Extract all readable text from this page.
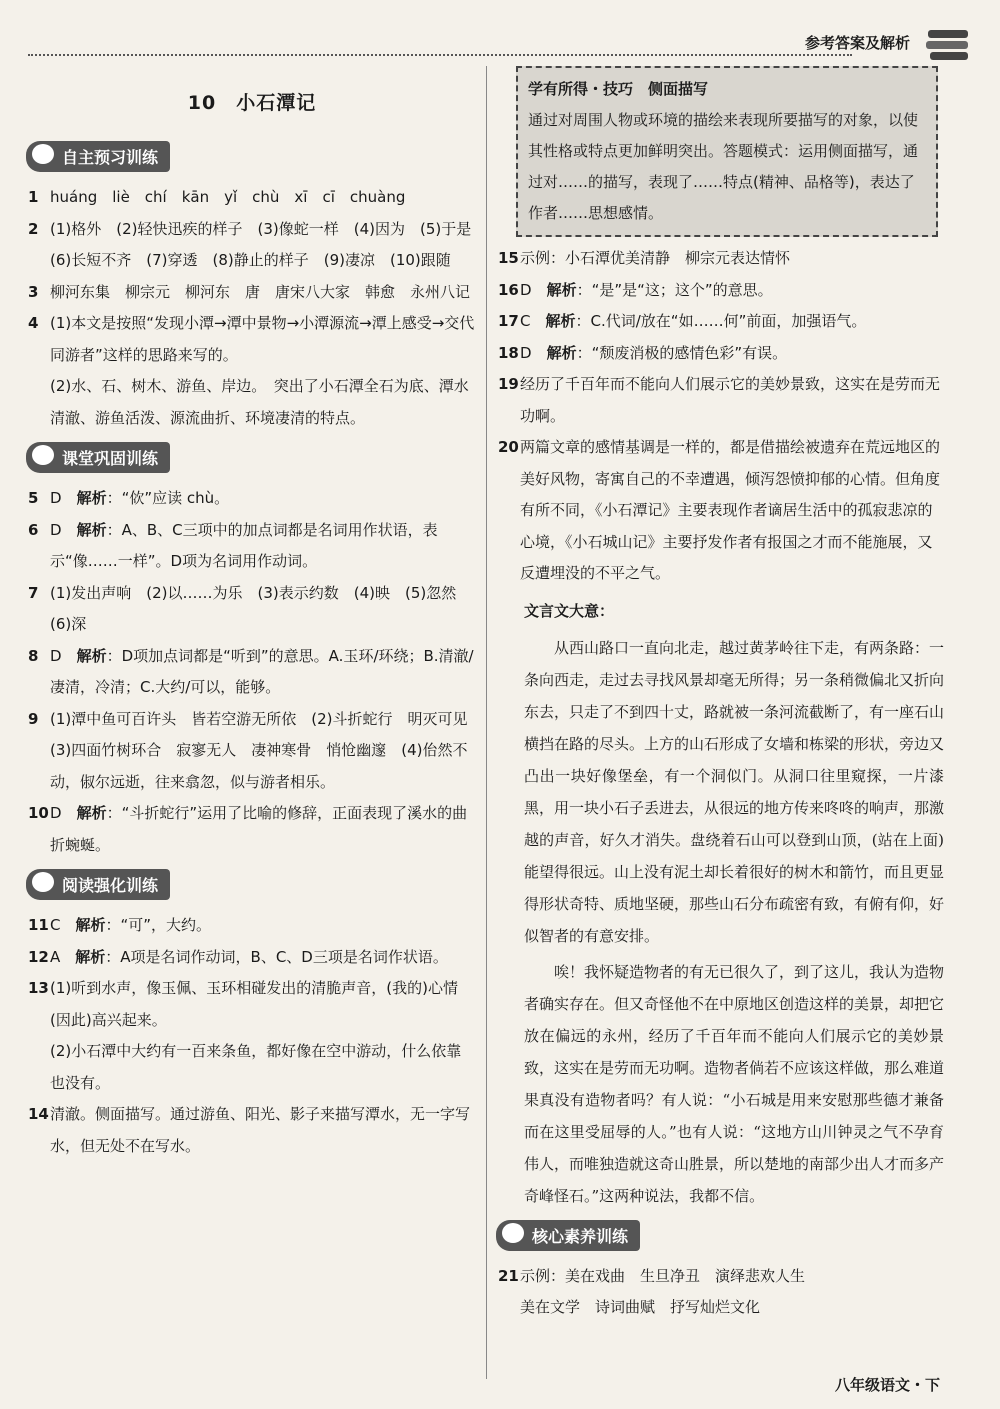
参考答案及解析
10　小石潭记
自主预习训练

1 huáng　liè　chí　kān　yǐ　chù　xī　cī　chuàng

2 (1)格外　(2)轻快迅疾的样子　(3)像蛇一样　(4)因为　(5)于是　(6)长短不齐　(7)穿透　(8)静止的样子　(9)凄凉　(10)跟随

3 柳河东集　柳宗元　柳河东　唐　唐宋八大家　韩愈　永州八记

4 (1)本文是按照“发现小潭→潭中景物→小潭源流→潭上感受→交代同游者”这样的思路来写的。

(2)水、石、树木、游鱼、岸边。　突出了小石潭全石为底、潭水清澈、游鱼活泼、源流曲折、环境凄清的特点。

课堂巩固训练

5 D　解析：“佽”应读 chù。

6 D　解析：A、B、C三项中的加点词都是名词用作状语，表示“像……一样”。D项为名词用作动词。

7 (1)发出声响　(2)以……为乐　(3)表示约数　(4)映　(5)忽然　(6)深

8 D　解析：D项加点词都是“听到”的意思。A.玉环/环绕；B.清澈/凄清，冷清；C.大约/可以，能够。

9 (1)潭中鱼可百许头　皆若空游无所依　(2)斗折蛇行　明灭可见　(3)四面竹树环合　寂寥无人　凄神寒骨　悄怆幽邃　(4)佁然不动，俶尔远逝，往来翕忽，似与游者相乐。

10D　解析：“斗折蛇行”运用了比喻的修辞，正面表现了溪水的曲折蜿蜒。

阅读强化训练

11C　解析：“可”，大约。

12A　解析：A项是名词作动词，B、C、D三项是名词作状语。

13(1)听到水声，像玉佩、玉环相碰发出的清脆声音，(我的)心情(因此)高兴起来。

(2)小石潭中大约有一百来条鱼，都好像在空中游动，什么依靠也没有。

14清澈。侧面描写。通过游鱼、阳光、影子来描写潭水，无一字写水，但无处不在写水。

学有所得・技巧　侧面描写
通过对周围人物或环境的描绘来表现所要描写的对象，以使其性格或特点更加鲜明突出。答题模式：运用侧面描写，通过对……的描写，表现了……特点(精神、品格等)，表达了作者……思想感情。

15示例：小石潭优美清静　柳宗元表达情怀

16D　解析：“是”是“这；这个”的意思。

17C　解析：C.代词/放在“如……何”前面，加强语气。

18D　解析：“颓废消极的感情色彩”有误。

19经历了千百年而不能向人们展示它的美妙景致，这实在是劳而无功啊。

20两篇文章的感情基调是一样的，都是借描绘被遗弃在荒远地区的美好风物，寄寓自己的不幸遭遇，倾泻怨愤抑郁的心情。但角度有所不同，《小石潭记》主要表现作者谪居生活中的孤寂悲凉的心境，《小石城山记》主要抒发作者有报国之才而不能施展，又反遭埋没的不平之气。

文言文大意：

从西山路口一直向北走，越过黄茅岭往下走，有两条路：一条向西走，走过去寻找风景却毫无所得；另一条稍微偏北又折向东去，只走了不到四十丈，路就被一条河流截断了，有一座石山横挡在路的尽头。上方的山石形成了女墙和栋梁的形状，旁边又凸出一块好像堡垒，有一个洞似门。从洞口往里窥探，一片漆黑，用一块小石子丢进去，从很远的地方传来咚咚的响声，那激越的声音，好久才消失。盘绕着石山可以登到山顶，(站在上面)能望得很远。山上没有泥土却长着很好的树木和箭竹，而且更显得形状奇特、质地坚硬，那些山石分布疏密有致，有俯有仰，好似智者的有意安排。

唉！我怀疑造物者的有无已很久了，到了这儿，我认为造物者确实存在。但又奇怪他不在中原地区创造这样的美景，却把它放在偏远的永州，经历了千百年而不能向人们展示它的美妙景致，这实在是劳而无功啊。造物者倘若不应该这样做，那么难道果真没有造物者吗？有人说：“小石城是用来安慰那些德才兼备而在这里受屈辱的人。”也有人说：“这地方山川钟灵之气不孕育伟人，而唯独造就这奇山胜景，所以楚地的南部少出人才而多产奇峰怪石。”这两种说法，我都不信。

核心素养训练

21示例：美在戏曲　生旦净丑　演绎悲欢人生

美在文学　诗词曲赋　抒写灿烂文化

八年级语文・下
